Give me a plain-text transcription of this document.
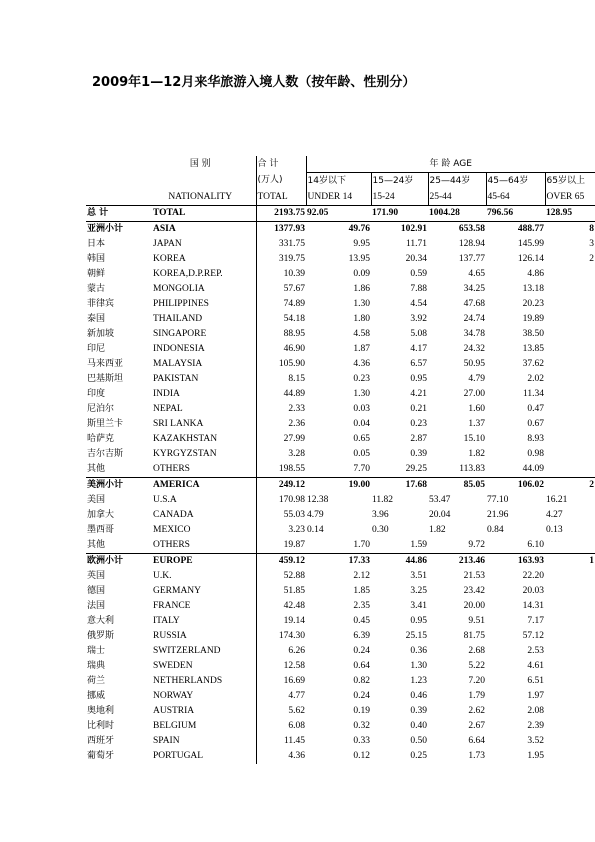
2009年1—12月来华旅游入境人数（按年龄、性别分）
国 别		合 计	年 龄 AGE				
		(万人)	14岁以下	15—24岁	25—44岁	45—64岁	65岁以上
NATIONALITY		TOTAL	UNDER 14	15-24	25-44	45-64	OVER 65
总 计	TOTAL	2193.75	92.05	171.90	1004.28	796.56	128.95
亚洲小计	ASIA	1377.93	49.76	102.91	653.58	488.77	8
日本	JAPAN	331.75	9.95	11.71	128.94	145.99	3
韩国	KOREA	319.75	13.95	20.34	137.77	126.14	2
朝鲜	KOREA,D.P.REP.	10.39	0.09	0.59	4.65	4.86	
蒙古	MONGOLIA	57.67	1.86	7.88	34.25	13.18	
菲律宾	PHILIPPINES	74.89	1.30	4.54	47.68	20.23	
泰国	THAILAND	54.18	1.80	3.92	24.74	19.89	
新加坡	SINGAPORE	88.95	4.58	5.08	34.78	38.50	
印尼	INDONESIA	46.90	1.87	4.17	24.32	13.85	
马来西亚	MALAYSIA	105.90	4.36	6.57	50.95	37.62	
巴基斯坦	PAKISTAN	8.15	0.23	0.95	4.79	2.02	
印度	INDIA	44.89	1.30	4.21	27.00	11.34	
尼泊尔	NEPAL	2.33	0.03	0.21	1.60	0.47	
斯里兰卡	SRI LANKA	2.36	0.04	0.23	1.37	0.67	
哈萨克	KAZAKHSTAN	27.99	0.65	2.87	15.10	8.93	
吉尔吉斯	KYRGYZSTAN	3.28	0.05	0.39	1.82	0.98	
其他	OTHERS	198.55	7.70	29.25	113.83	44.09	
美洲小计	AMERICA	249.12	19.00	17.68	85.05	106.02	2
美国	U.S.A	170.98	12.38	11.82	53.47	77.10	16.21
加拿大	CANADA	55.03	4.79	3.96	20.04	21.96	4.27
墨西哥	MEXICO	3.23	0.14	0.30	1.82	0.84	0.13
其他	OTHERS	19.87	1.70	1.59	9.72	6.10	
欧洲小计	EUROPE	459.12	17.33	44.86	213.46	163.93	1
英国	U.K.	52.88	2.12	3.51	21.53	22.20	
德国	GERMANY	51.85	1.85	3.25	23.42	20.03	
法国	FRANCE	42.48	2.35	3.41	20.00	14.31	
意大利	ITALY	19.14	0.45	0.95	9.51	7.17	
俄罗斯	RUSSIA	174.30	6.39	25.15	81.75	57.12	
瑞士	SWITZERLAND	6.26	0.24	0.36	2.68	2.53	
瑞典	SWEDEN	12.58	0.64	1.30	5.22	4.61	
荷兰	NETHERLANDS	16.69	0.82	1.23	7.20	6.51	
挪威	NORWAY	4.77	0.24	0.46	1.79	1.97	
奥地利	AUSTRIA	5.62	0.19	0.39	2.62	2.08	
比利时	BELGIUM	6.08	0.32	0.40	2.67	2.39	
西班牙	SPAIN	11.45	0.33	0.50	6.64	3.52	
葡萄牙	PORTUGAL	4.36	0.12	0.25	1.73	1.95	
